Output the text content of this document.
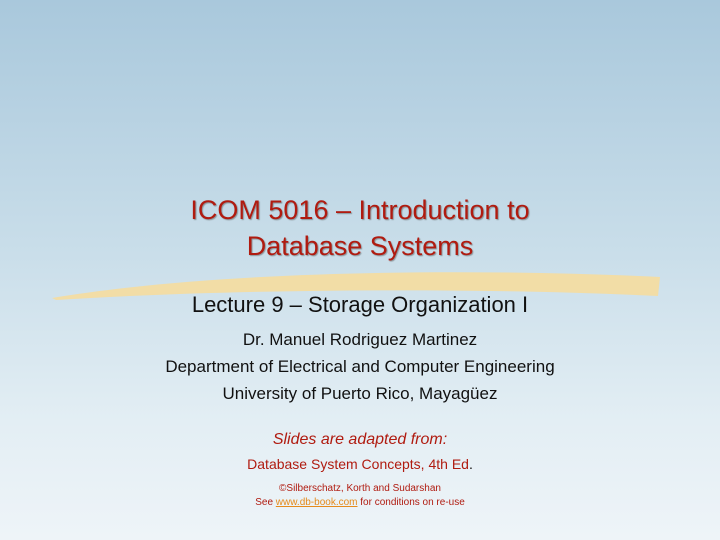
ICOM 5016 – Introduction to
Database Systems
Lecture 9 – Storage Organization I
Dr. Manuel Rodriguez Martinez
Department of Electrical and Computer Engineering
University of Puerto Rico, Mayagüez
Slides are adapted from:
Database System Concepts, 4th Ed.
©Silberschatz, Korth and Sudarshan
See www.db-book.com for conditions on re-use
